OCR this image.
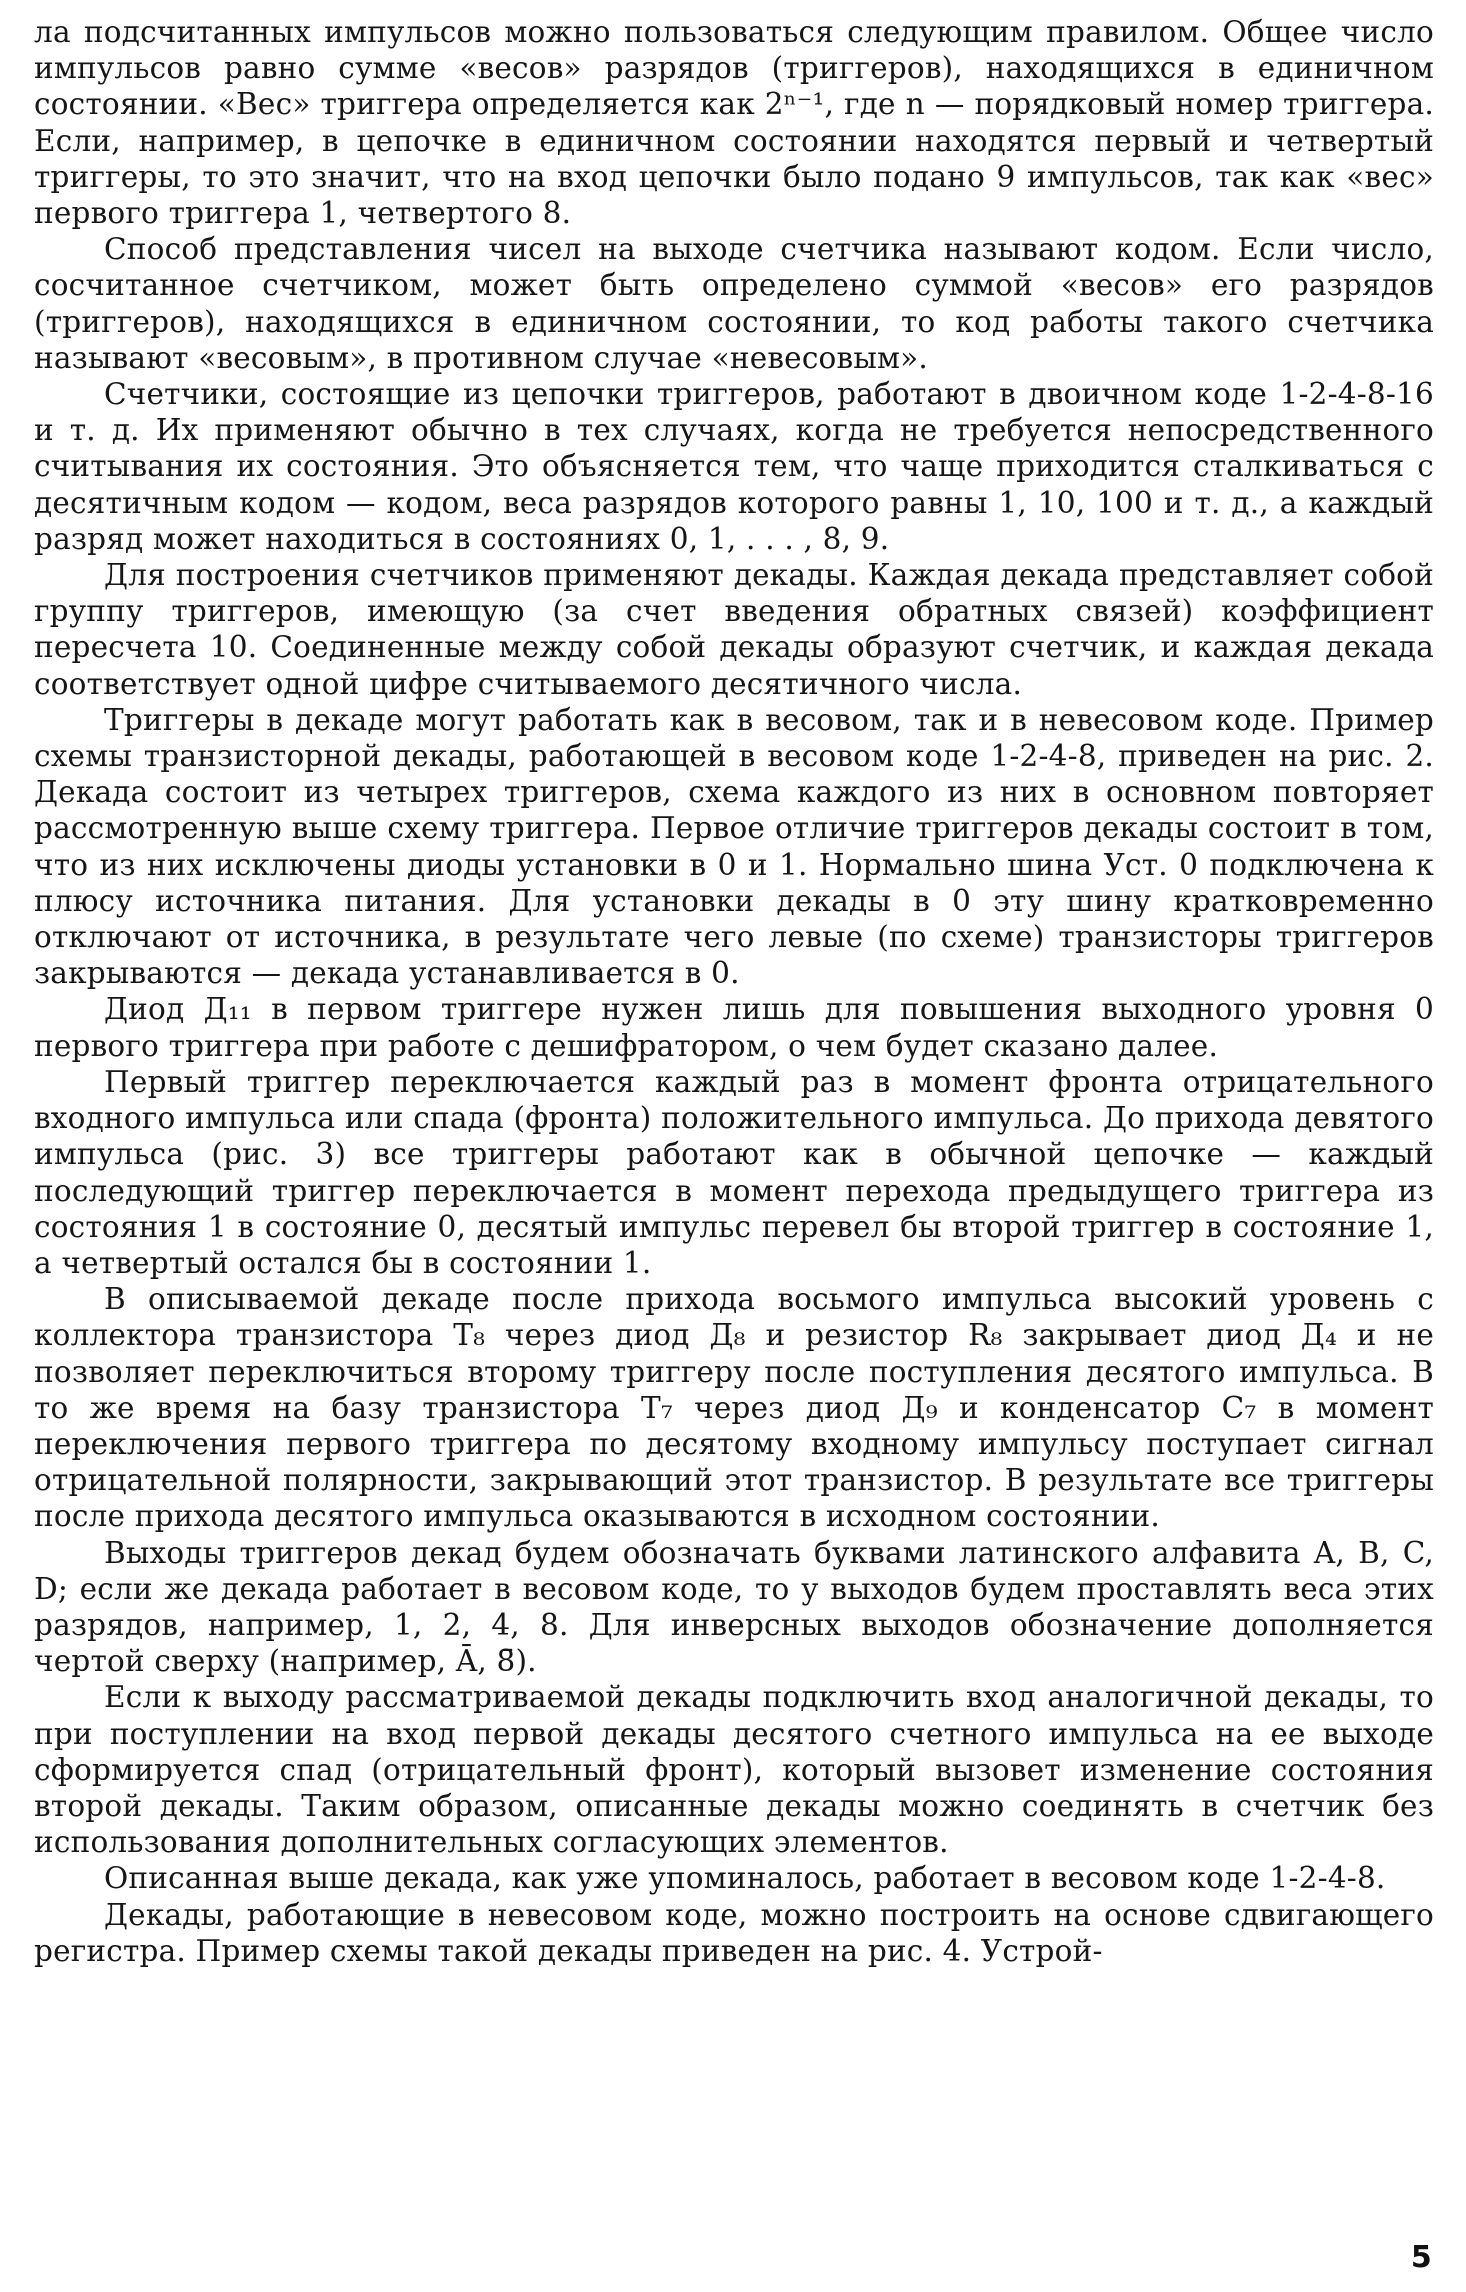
ла подсчитанных импульсов можно пользоваться следующим правилом. Общее число импульсов равно сумме «весов» разрядов (триггеров), находящихся в единичном состоянии. «Вес» триггера определяется как 2ⁿ⁻¹, где n — порядковый номер триггера. Если, например, в цепочке в единичном состоянии находятся первый и четвертый триггеры, то это значит, что на вход цепочки было подано 9 импульсов, так как «вес» первого триггера 1, четвертого 8.

Способ представления чисел на выходе счетчика называют кодом. Если число, сосчитанное счетчиком, может быть определено суммой «весов» его разрядов (триггеров), находящихся в единичном состоянии, то код работы такого счетчика называют «весовым», в противном случае «невесовым».

Счетчики, состоящие из цепочки триггеров, работают в двоичном коде 1-2-4-8-16 и т. д. Их применяют обычно в тех случаях, когда не требуется непосредственного считывания их состояния. Это объясняется тем, что чаще приходится сталкиваться с десятичным кодом — кодом, веса разрядов которого равны 1, 10, 100 и т. д., а каждый разряд может находиться в состояниях 0, 1, . . . , 8, 9.

Для построения счетчиков применяют декады. Каждая декада представляет собой группу триггеров, имеющую (за счет введения обратных связей) коэффициент пересчета 10. Соединенные между собой декады образуют счетчик, и каждая декада соответствует одной цифре считываемого десятичного числа.

Триггеры в декаде могут работать как в весовом, так и в невесовом коде. Пример схемы транзисторной декады, работающей в весовом коде 1-2-4-8, приведен на рис. 2. Декада состоит из четырех триггеров, схема каждого из них в основном повторяет рассмотренную выше схему триггера. Первое отличие триггеров декады состоит в том, что из них исключены диоды установки в 0 и 1. Нормально шина Уст. 0 подключена к плюсу источника питания. Для установки декады в 0 эту шину кратковременно отключают от источника, в результате чего левые (по схеме) транзисторы триггеров закрываются — декада устанавливается в 0.

Диод Д₁₁ в первом триггере нужен лишь для повышения выходного уровня 0 первого триггера при работе с дешифратором, о чем будет сказано далее.

Первый триггер переключается каждый раз в момент фронта отрицательного входного импульса или спада (фронта) положительного импульса. До прихода девятого импульса (рис. 3) все триггеры работают как в обычной цепочке — каждый последующий триггер переключается в момент перехода предыдущего триггера из состояния 1 в состояние 0, десятый импульс перевел бы второй триггер в состояние 1, а четвертый остался бы в состоянии 1.

В описываемой декаде после прихода восьмого импульса высокий уровень с коллектора транзистора T₈ через диод Д₈ и резистор R₈ закрывает диод Д₄ и не позволяет переключиться второму триггеру после поступления десятого импульса. В то же время на базу транзистора T₇ через диод Д₉ и конденсатор C₇ в момент переключения первого триггера по десятому входному импульсу поступает сигнал отрицательной полярности, закрывающий этот транзистор. В результате все триггеры после прихода десятого импульса оказываются в исходном состоянии.

Выходы триггеров декад будем обозначать буквами латинского алфавита A, B, C, D; если же декада работает в весовом коде, то у выходов будем проставлять веса этих разрядов, например, 1, 2, 4, 8. Для инверсных выходов обозначение дополняется чертой сверху (например, Ā, 8̄).

Если к выходу рассматриваемой декады подключить вход аналогичной декады, то при поступлении на вход первой декады десятого счетного импульса на ее выходе сформируется спад (отрицательный фронт), который вызовет изменение состояния второй декады. Таким образом, описанные декады можно соединять в счетчик без использования дополнительных согласующих элементов.

Описанная выше декада, как уже упоминалось, работает в весовом коде 1-2-4-8.

Декады, работающие в невесовом коде, можно построить на основе сдвигающего регистра. Пример схемы такой декады приведен на рис. 4. Устрой-

5
